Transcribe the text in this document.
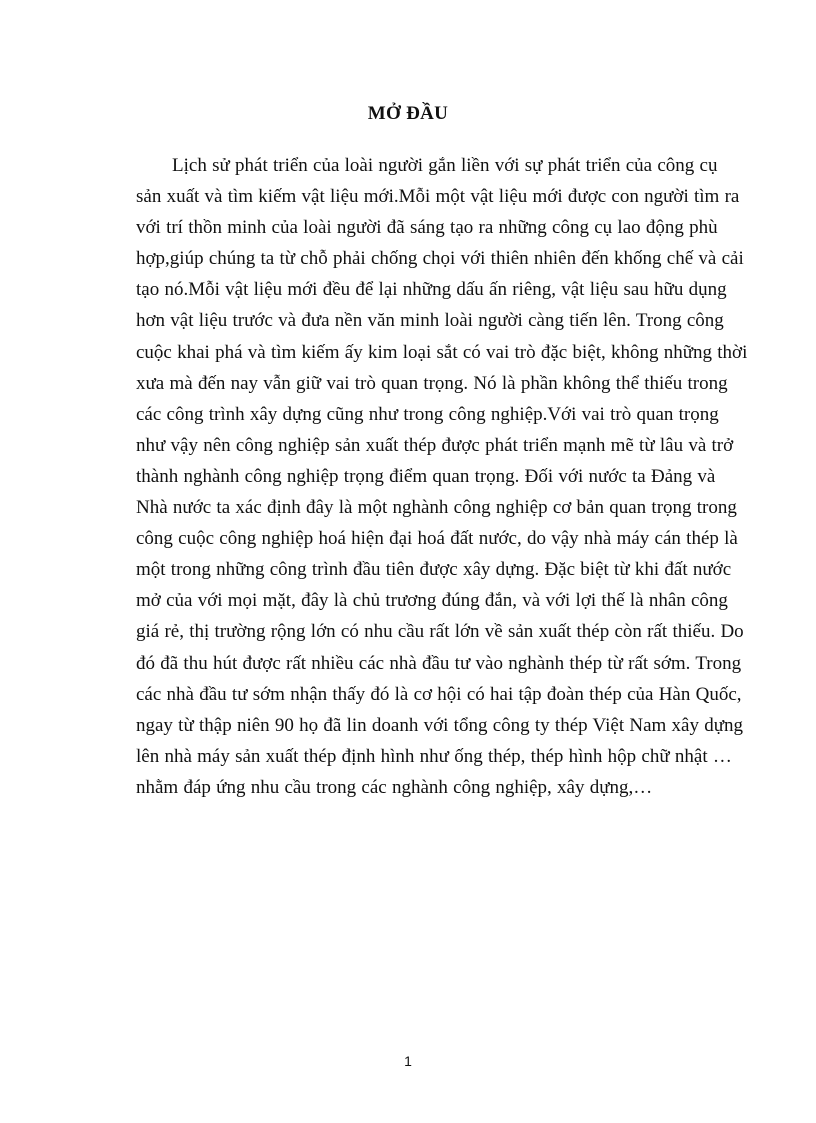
MỞ ĐẦU

Lịch sử phát triển của loài người gắn liền với sự phát triển của công cụ sản xuất và tìm kiếm vật liệu mới.Mỗi một vật liệu mới được con người tìm ra với trí thồn minh của loài người đã sáng tạo ra những công cụ lao động phù hợp,giúp chúng ta từ chỗ phải chống chọi với thiên nhiên đến khống chế và cải tạo nó.Mỗi vật liệu mới đều để lại những dấu ấn riêng, vật liệu sau hữu dụng hơn vật liệu trước và đưa nền văn minh loài người càng tiến lên. Trong công cuộc khai phá và tìm kiếm ấy kim loại sắt có vai trò đặc biệt, không những thời xưa mà đến nay vẫn giữ vai trò quan trọng. Nó là phần không thể thiếu trong các công trình xây dựng cũng như trong công nghiệp.Với vai trò quan trọng như vậy nên công nghiệp sản xuất thép được phát triển mạnh mẽ từ lâu và trở thành nghành công nghiệp trọng điểm quan trọng. Đối với nước ta Đảng và Nhà nước ta xác định đây là một nghành công nghiệp cơ bản quan trọng trong công cuộc công nghiệp hoá hiện đại hoá đất nước, do vậy nhà máy cán thép là một trong những công trình đầu tiên được xây dựng. Đặc biệt từ khi đất nước mở của với mọi mặt, đây là chủ trương đúng đắn, và với lợi thế là nhân công giá rẻ, thị trường rộng lớn có nhu cầu rất lớn về sản xuất thép còn rất thiếu. Do đó đã thu hút được rất nhiều các nhà đầu tư vào nghành thép từ rất sớm. Trong các nhà đầu tư sớm nhận thấy đó là cơ hội có hai tập đoàn thép của Hàn Quốc, ngay từ thập niên 90 họ đã lin doanh với tổng công ty thép Việt Nam xây dựng lên nhà máy sản xuất thép định hình như ống thép, thép hình hộp chữ nhật …nhằm đáp ứng nhu cầu trong các nghành công nghiệp, xây dựng,…

1
